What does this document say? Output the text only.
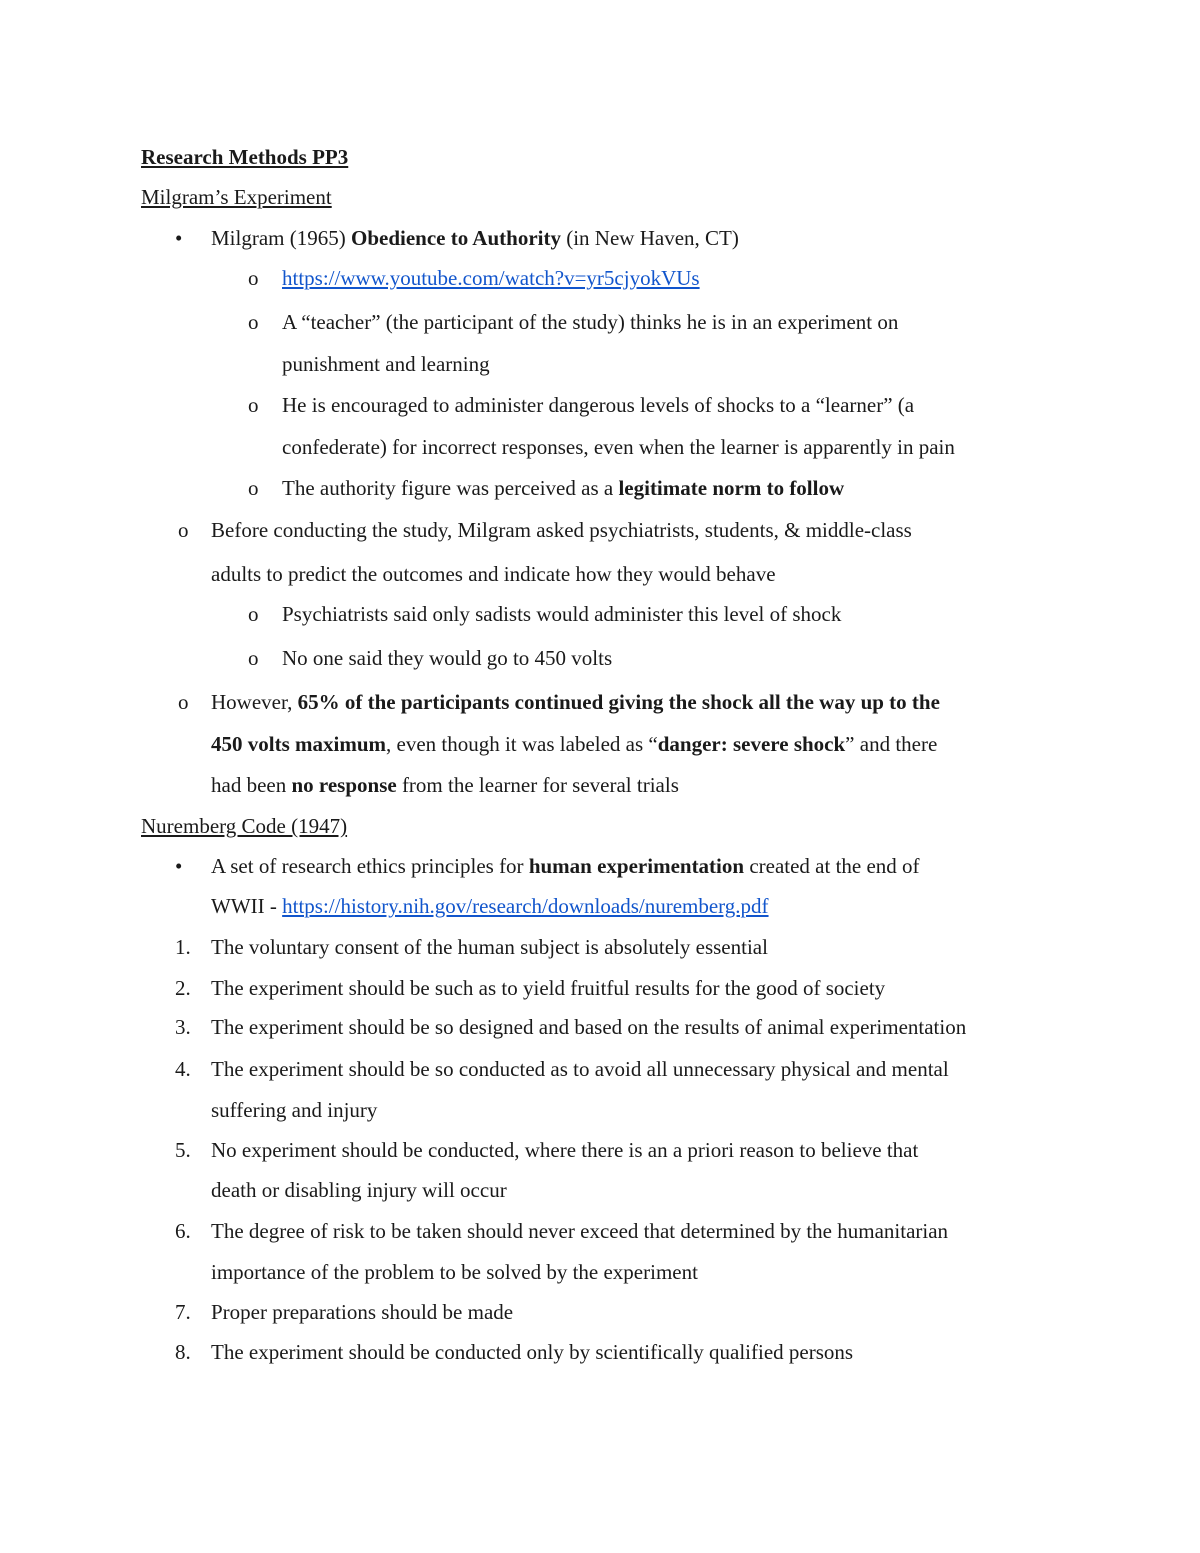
Research Methods PP3
Milgram’s Experiment
• Milgram (1965) Obedience to Authority (in New Haven, CT)
o https://www.youtube.com/watch?v=yr5cjyokVUs
o A “teacher” (the participant of the study) thinks he is in an experiment on
punishment and learning
o He is encouraged to administer dangerous levels of shocks to a “learner” (a
confederate) for incorrect responses, even when the learner is apparently in pain
o The authority figure was perceived as a legitimate norm to follow
o Before conducting the study, Milgram asked psychiatrists, students, & middle-class
adults to predict the outcomes and indicate how they would behave
o Psychiatrists said only sadists would administer this level of shock
o No one said they would go to 450 volts
o However, 65% of the participants continued giving the shock all the way up to the
450 volts maximum, even though it was labeled as “danger: severe shock” and there
had been no response from the learner for several trials
Nuremberg Code (1947)
• A set of research ethics principles for human experimentation created at the end of
WWII - https://history.nih.gov/research/downloads/nuremberg.pdf
1. The voluntary consent of the human subject is absolutely essential
2. The experiment should be such as to yield fruitful results for the good of society
3. The experiment should be so designed and based on the results of animal experimentation
4. The experiment should be so conducted as to avoid all unnecessary physical and mental
suffering and injury
5. No experiment should be conducted, where there is an a priori reason to believe that
death or disabling injury will occur
6. The degree of risk to be taken should never exceed that determined by the humanitarian
importance of the problem to be solved by the experiment
7. Proper preparations should be made
8. The experiment should be conducted only by scientifically qualified persons
